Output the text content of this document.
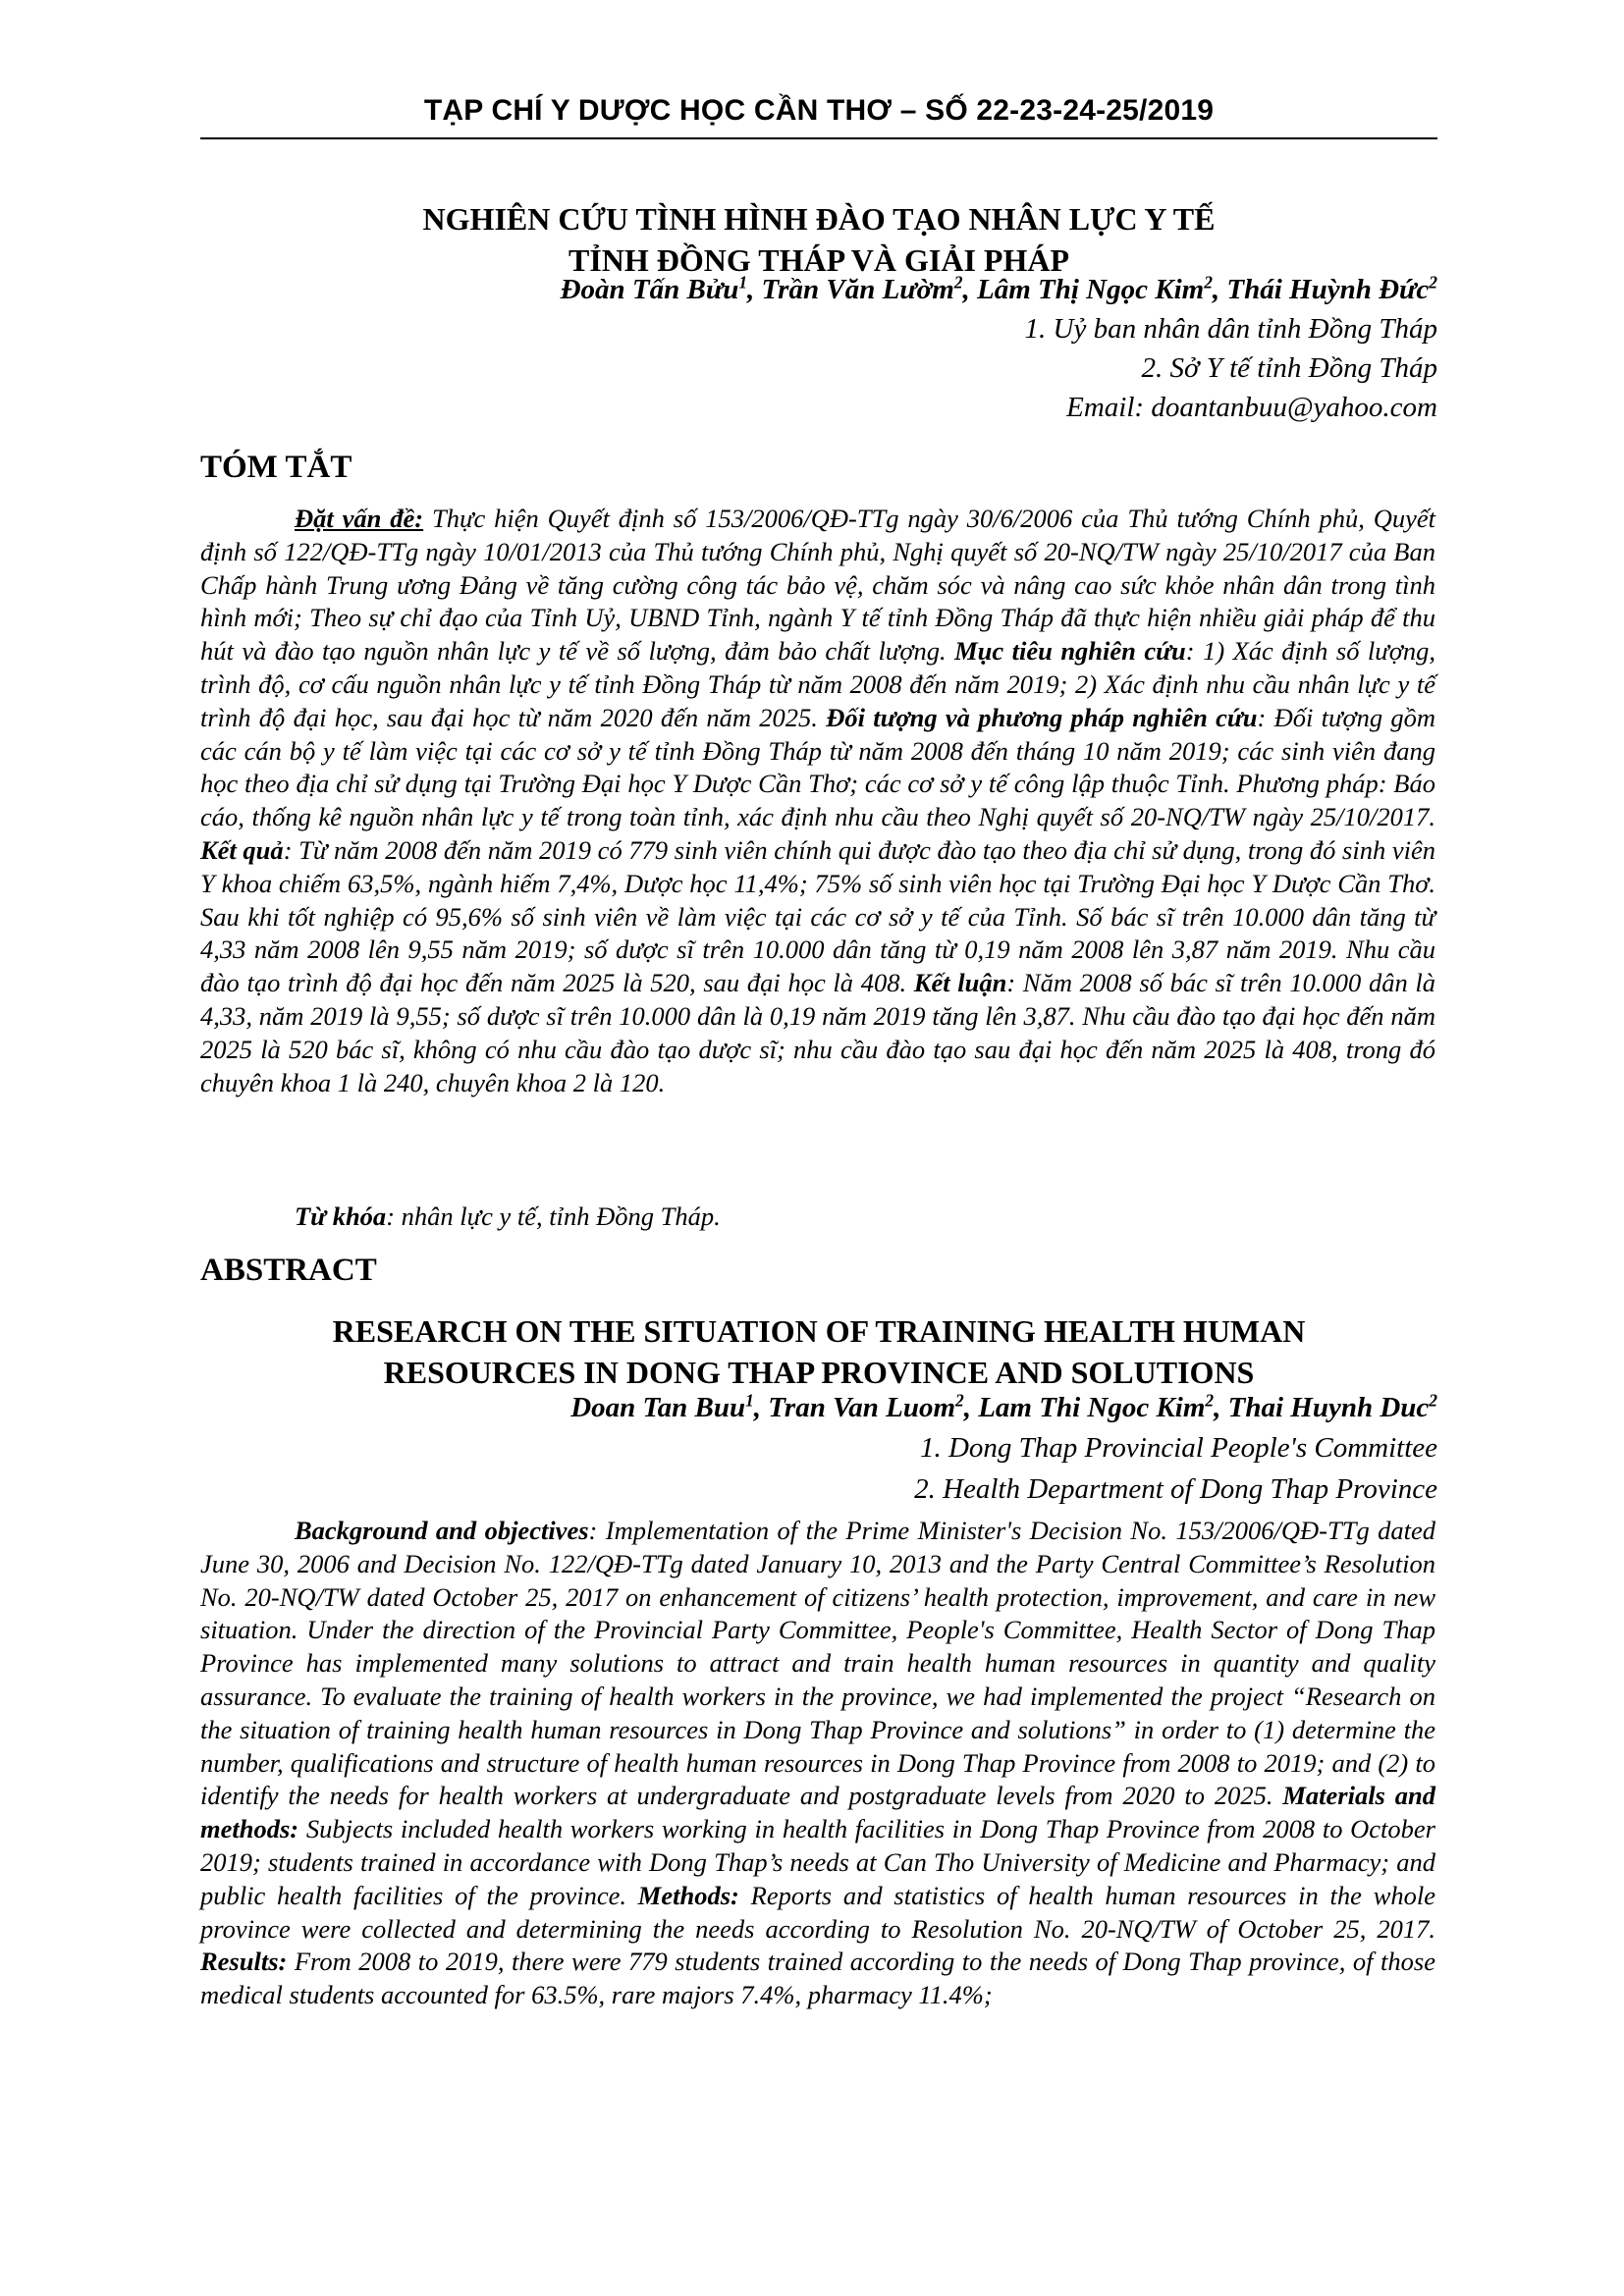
TẠP CHÍ Y DƯỢC HỌC CẦN THƠ – SỐ 22-23-24-25/2019
NGHIÊN CỨU TÌNH HÌNH ĐÀO TẠO NHÂN LỰC Y TẾ
TỈNH ĐỒNG THÁP VÀ GIẢI PHÁP
Đoàn Tấn Bửu$^1$, Trần Văn Lườm$^2$, Lâm Thị Ngọc Kim$^2$, Thái Huỳnh Đức$^2$
1. Uỷ ban nhân dân tỉnh Đồng Tháp
2. Sở Y tế tỉnh Đồng Tháp
Email: doantanbuu@yahoo.com
TÓM TẮT
Đặt vấn đề: Thực hiện Quyết định số 153/2006/QĐ-TTg ngày 30/6/2006 của Thủ tướng Chính phủ, Quyết định số 122/QĐ-TTg ngày 10/01/2013 của Thủ tướng Chính phủ, Nghị quyết số 20-NQ/TW ngày 25/10/2017 của Ban Chấp hành Trung ương Đảng về tăng cường công tác bảo vệ, chăm sóc và nâng cao sức khỏe nhân dân trong tình hình mới; Theo sự chỉ đạo của Tỉnh Uỷ, UBND Tỉnh, ngành Y tế tỉnh Đồng Tháp đã thực hiện nhiều giải pháp để thu hút và đào tạo nguồn nhân lực y tế về số lượng, đảm bảo chất lượng. Mục tiêu nghiên cứu: 1) Xác định số lượng, trình độ, cơ cấu nguồn nhân lực y tế tỉnh Đồng Tháp từ năm 2008 đến năm 2019; 2) Xác định nhu cầu nhân lực y tế trình độ đại học, sau đại học từ năm 2020 đến năm 2025. Đối tượng và phương pháp nghiên cứu: Đối tượng gồm các cán bộ y tế làm việc tại các cơ sở y tế tỉnh Đồng Tháp từ năm 2008 đến tháng 10 năm 2019; các sinh viên đang học theo địa chỉ sử dụng tại Trường Đại học Y Dược Cần Thơ; các cơ sở y tế công lập thuộc Tỉnh. Phương pháp: Báo cáo, thống kê nguồn nhân lực y tế trong toàn tỉnh, xác định nhu cầu theo Nghị quyết số 20-NQ/TW ngày 25/10/2017. Kết quả: Từ năm 2008 đến năm 2019 có 779 sinh viên chính qui được đào tạo theo địa chỉ sử dụng, trong đó sinh viên Y khoa chiếm 63,5%, ngành hiếm 7,4%, Dược học 11,4%; 75% số sinh viên học tại Trường Đại học Y Dược Cần Thơ. Sau khi tốt nghiệp có 95,6% số sinh viên về làm việc tại các cơ sở y tế của Tỉnh. Số bác sĩ trên 10.000 dân tăng từ 4,33 năm 2008 lên 9,55 năm 2019; số dược sĩ trên 10.000 dân tăng từ 0,19 năm 2008 lên 3,87 năm 2019. Nhu cầu đào tạo trình độ đại học đến năm 2025 là 520, sau đại học là 408. Kết luận: Năm 2008 số bác sĩ trên 10.000 dân là 4,33, năm 2019 là 9,55; số dược sĩ trên 10.000 dân là 0,19 năm 2019 tăng lên 3,87. Nhu cầu đào tạo đại học đến năm 2025 là 520 bác sĩ, không có nhu cầu đào tạo dược sĩ; nhu cầu đào tạo sau đại học đến năm 2025 là 408, trong đó chuyên khoa 1 là 240, chuyên khoa 2 là 120.
Từ khóa: nhân lực y tế, tỉnh Đồng Tháp.
ABSTRACT
RESEARCH ON THE SITUATION OF TRAINING HEALTH HUMAN
RESOURCES IN DONG THAP PROVINCE AND SOLUTIONS
Doan Tan Buu$^1$, Tran Van Luom$^2$, Lam Thi Ngoc Kim$^2$, Thai Huynh Duc$^2$
1. Dong Thap Provincial People's Committee
2. Health Department of Dong Thap Province
Background and objectives: Implementation of the Prime Minister's Decision No. 153/2006/QĐ-TTg dated June 30, 2006 and Decision No. 122/QĐ-TTg dated January 10, 2013 and the Party Central Committee’s Resolution No. 20-NQ/TW dated October 25, 2017 on enhancement of citizens’ health protection, improvement, and care in new situation. Under the direction of the Provincial Party Committee, People's Committee, Health Sector of Dong Thap Province has implemented many solutions to attract and train health human resources in quantity and quality assurance. To evaluate the training of health workers in the province, we had implemented the project “Research on the situation of training health human resources in Dong Thap Province and solutions” in order to (1) determine the number, qualifications and structure of health human resources in Dong Thap Province from 2008 to 2019; and (2) to identify the needs for health workers at undergraduate and postgraduate levels from 2020 to 2025. Materials and methods: Subjects included health workers working in health facilities in Dong Thap Province from 2008 to October 2019; students trained in accordance with Dong Thap’s needs at Can Tho University of Medicine and Pharmacy; and public health facilities of the province. Methods: Reports and statistics of health human resources in the whole province were collected and determining the needs according to Resolution No. 20-NQ/TW of October 25, 2017. Results: From 2008 to 2019, there were 779 students trained according to the needs of Dong Thap province, of those medical students accounted for 63.5%, rare majors 7.4%, pharmacy 11.4%;
